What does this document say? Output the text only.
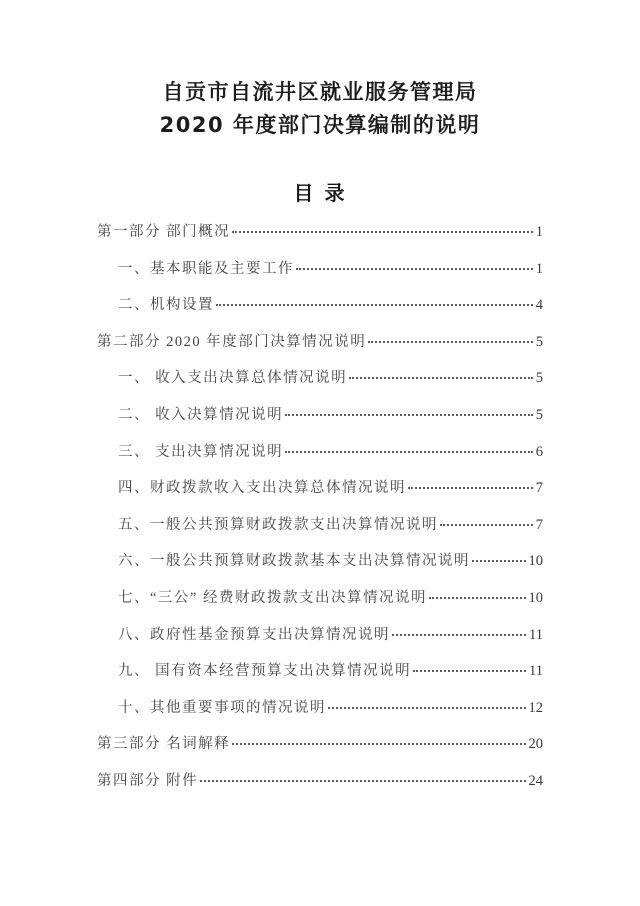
自贡市自流井区就业服务管理局
2020 年度部门决算编制的说明
目 录
第一部分 部门概况	1
一、基本职能及主要工作	1
二、机构设置	4
第二部分 2020 年度部门决算情况说明	5
一、 收入支出决算总体情况说明	5
二、 收入决算情况说明	5
三、 支出决算情况说明	6
四、财政拨款收入支出决算总体情况说明	7
五、一般公共预算财政拨款支出决算情况说明	7
六、一般公共预算财政拨款基本支出决算情况说明	10
七、“三公” 经费财政拨款支出决算情况说明	10
八、政府性基金预算支出决算情况说明	11
九、 国有资本经营预算支出决算情况说明	11
十、其他重要事项的情况说明	12
第三部分 名词解释	20
第四部分 附件	24
